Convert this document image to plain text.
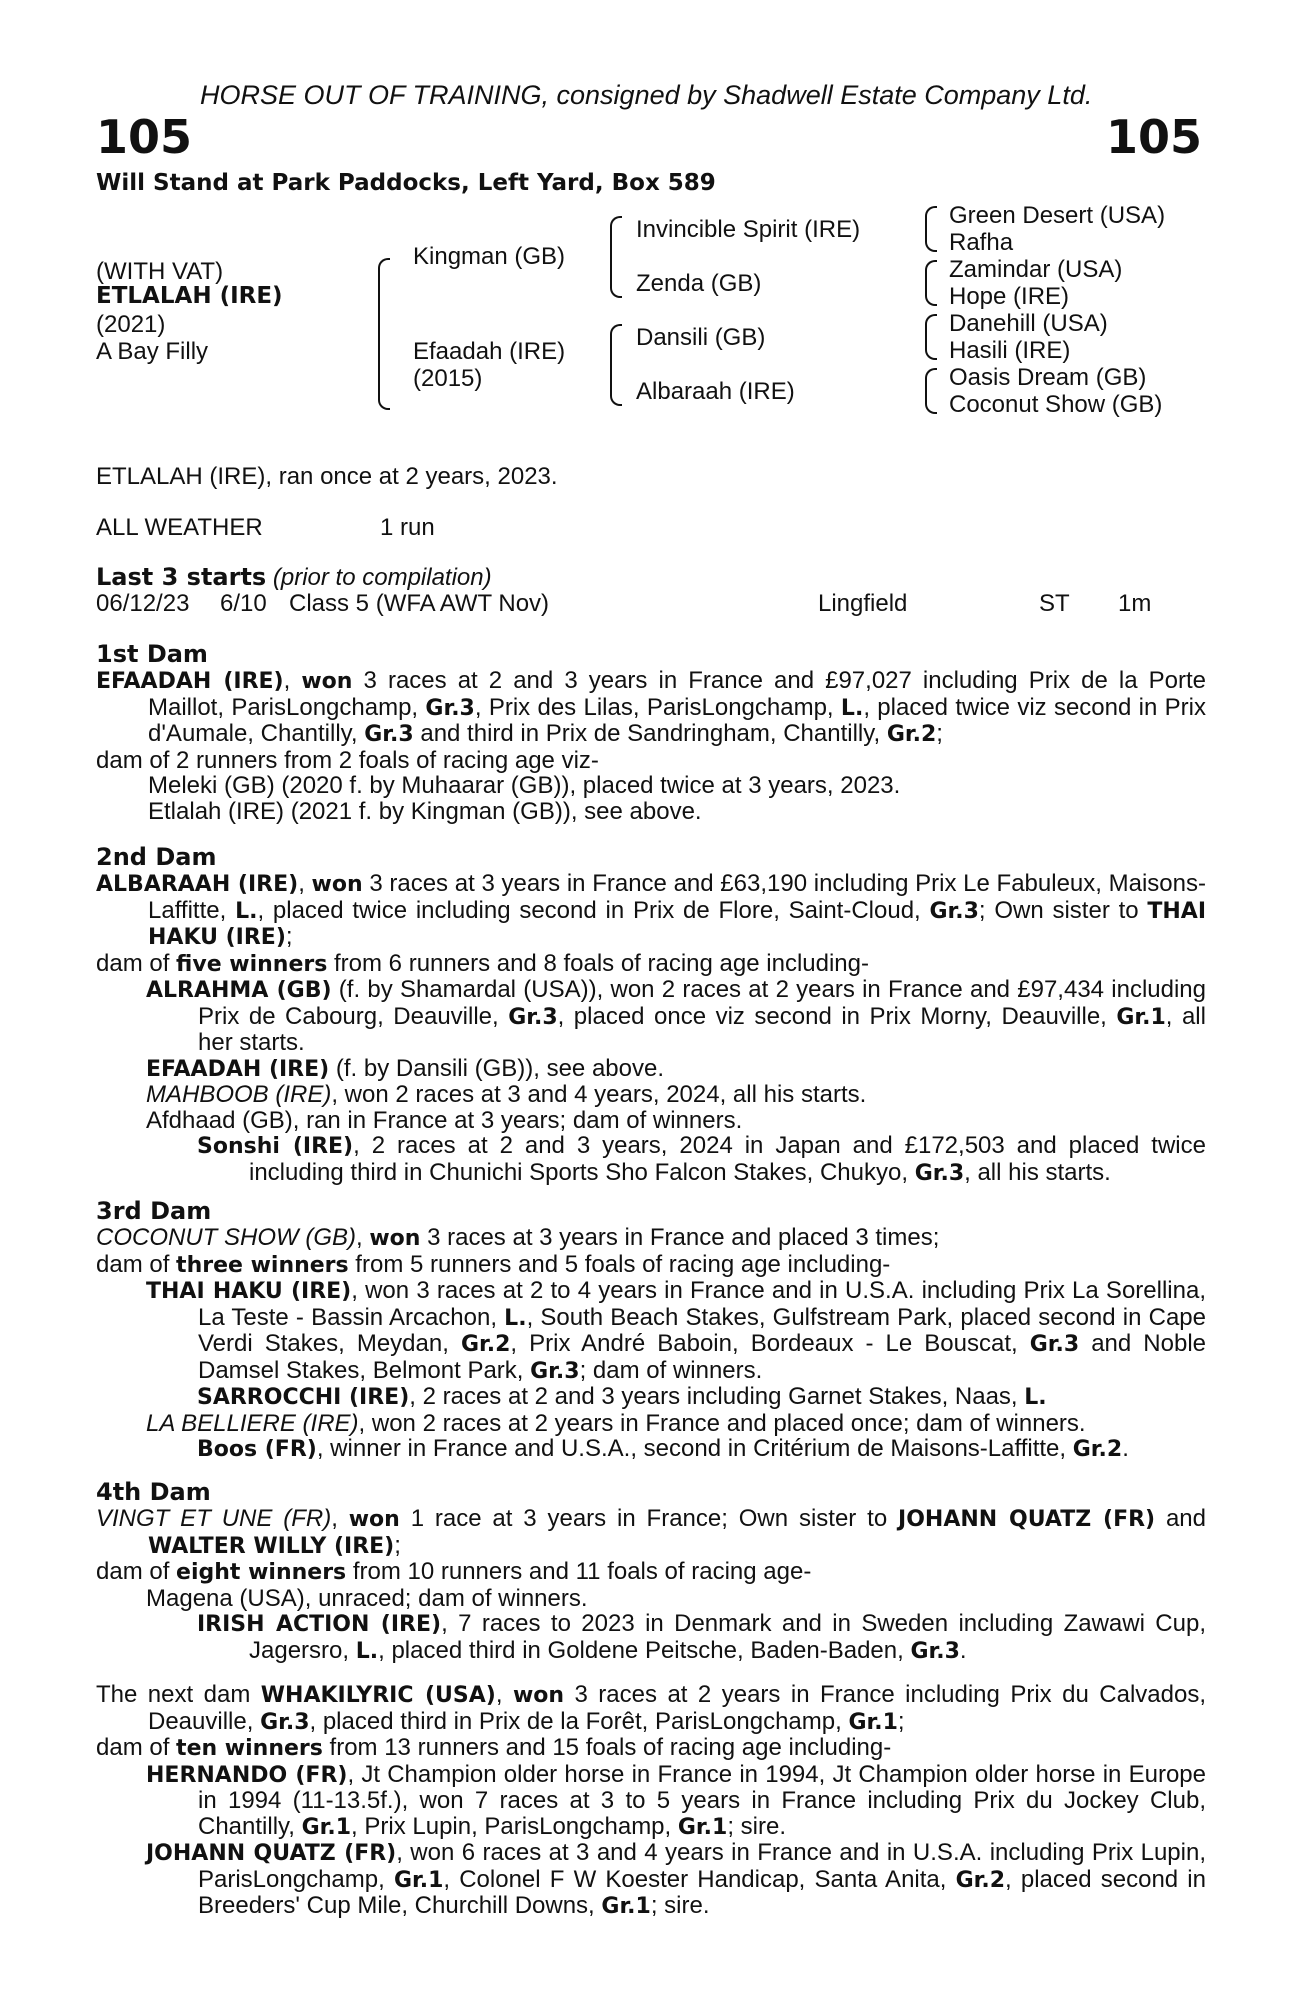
HORSE OUT OF TRAINING, consigned by Shadwell Estate Company Ltd.
105	105
Will Stand at Park Paddocks, Left Yard, Box 589
(WITH VAT)
ETLALAH (IRE)
(2021)
A Bay Filly
Kingman (GB)
Efaadah (IRE)
(2015)
Invincible Spirit (IRE)
Zenda (GB)
Dansili (GB)
Albaraah (IRE)
Green Desert (USA)
Rafha
Zamindar (USA)
Hope (IRE)
Danehill (USA)
Hasili (IRE)
Oasis Dream (GB)
Coconut Show (GB)
ETLALAH (IRE), ran once at 2 years, 2023.
ALL WEATHER	1 run
Last 3 starts (prior to compilation)
06/12/23 6/10 Class 5 (WFA AWT Nov)	Lingfield	ST 1m
1st Dam
EFAADAH (IRE), won 3 races at 2 and 3 years in France and £97,027 including Prix de la Porte Maillot, ParisLongchamp, Gr.3, Prix des Lilas, ParisLongchamp, L., placed twice viz second in Prix d'Aumale, Chantilly, Gr.3 and third in Prix de Sandringham, Chantilly, Gr.2;
dam of 2 runners from 2 foals of racing age viz-
Meleki (GB) (2020 f. by Muhaarar (GB)), placed twice at 3 years, 2023.
Etlalah (IRE) (2021 f. by Kingman (GB)), see above.
2nd Dam
ALBARAAH (IRE), won 3 races at 3 years in France and £63,190 including Prix Le Fabuleux, Maisons-Laffitte, L., placed twice including second in Prix de Flore, Saint-Cloud, Gr.3; Own sister to THAI HAKU (IRE);
dam of five winners from 6 runners and 8 foals of racing age including-
ALRAHMA (GB) (f. by Shamardal (USA)), won 2 races at 2 years in France and £97,434 including Prix de Cabourg, Deauville, Gr.3, placed once viz second in Prix Morny, Deauville, Gr.1, all her starts.
EFAADAH (IRE) (f. by Dansili (GB)), see above.
MAHBOOB (IRE), won 2 races at 3 and 4 years, 2024, all his starts.
Afdhaad (GB), ran in France at 3 years; dam of winners.
Sonshi (IRE), 2 races at 2 and 3 years, 2024 in Japan and £172,503 and placed twice including third in Chunichi Sports Sho Falcon Stakes, Chukyo, Gr.3, all his starts.
3rd Dam
COCONUT SHOW (GB), won 3 races at 3 years in France and placed 3 times;
dam of three winners from 5 runners and 5 foals of racing age including-
THAI HAKU (IRE), won 3 races at 2 to 4 years in France and in U.S.A. including Prix La Sorellina, La Teste - Bassin Arcachon, L., South Beach Stakes, Gulfstream Park, placed second in Cape Verdi Stakes, Meydan, Gr.2, Prix André Baboin, Bordeaux - Le Bouscat, Gr.3 and Noble Damsel Stakes, Belmont Park, Gr.3; dam of winners.
SARROCCHI (IRE), 2 races at 2 and 3 years including Garnet Stakes, Naas, L.
LA BELLIERE (IRE), won 2 races at 2 years in France and placed once; dam of winners.
Boos (FR), winner in France and U.S.A., second in Critérium de Maisons-Laffitte, Gr.2.
4th Dam
VINGT ET UNE (FR), won 1 race at 3 years in France; Own sister to JOHANN QUATZ (FR) and WALTER WILLY (IRE);
dam of eight winners from 10 runners and 11 foals of racing age-
Magena (USA), unraced; dam of winners.
IRISH ACTION (IRE), 7 races to 2023 in Denmark and in Sweden including Zawawi Cup, Jagersro, L., placed third in Goldene Peitsche, Baden-Baden, Gr.3.
The next dam WHAKILYRIC (USA), won 3 races at 2 years in France including Prix du Calvados, Deauville, Gr.3, placed third in Prix de la Forêt, ParisLongchamp, Gr.1;
dam of ten winners from 13 runners and 15 foals of racing age including-
HERNANDO (FR), Jt Champion older horse in France in 1994, Jt Champion older horse in Europe in 1994 (11-13.5f.), won 7 races at 3 to 5 years in France including Prix du Jockey Club, Chantilly, Gr.1, Prix Lupin, ParisLongchamp, Gr.1; sire.
JOHANN QUATZ (FR), won 6 races at 3 and 4 years in France and in U.S.A. including Prix Lupin, ParisLongchamp, Gr.1, Colonel F W Koester Handicap, Santa Anita, Gr.2, placed second in Breeders' Cup Mile, Churchill Downs, Gr.1; sire.
